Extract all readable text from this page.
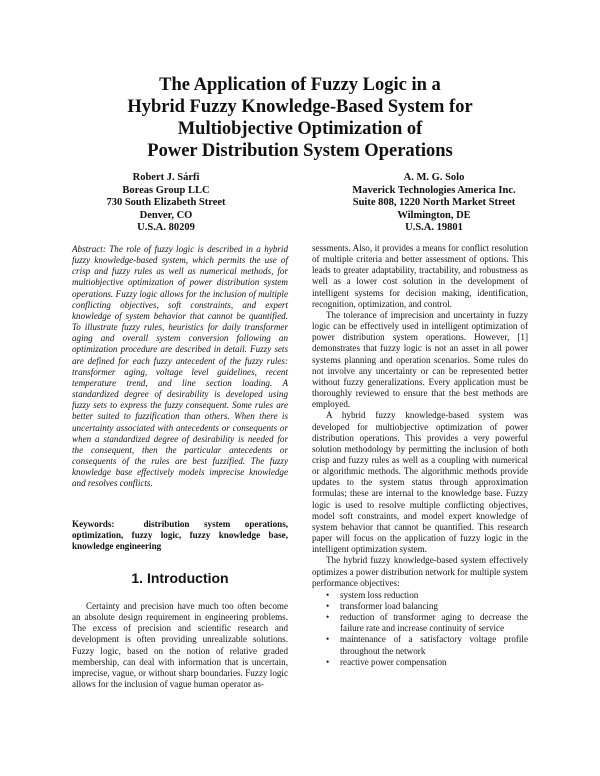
The Application of Fuzzy Logic in a
Hybrid Fuzzy Knowledge-Based System for
Multiobjective Optimization of
Power Distribution System Operations
Robert J. Sárfi
Boreas Group LLC
730 South Elizabeth Street
Denver, CO
U.S.A. 80209
A. M. G. Solo
Maverick Technologies America Inc.
Suite 808, 1220 North Market Street
Wilmington, DE
U.S.A. 19801
Abstract: The role of fuzzy logic is described in a hybrid fuzzy knowledge-based system, which permits the use of crisp and fuzzy rules as well as numerical methods, for multiobjective optimization of power distribution system operations. Fuzzy logic allows for the inclusion of multiple conflicting objectives, soft constraints, and expert knowledge of system behavior that cannot be quantified. To illustrate fuzzy rules, heuristics for daily transformer aging and overall system conversion following an optimization procedure are described in detail. Fuzzy sets are defined for each fuzzy antecedent of the fuzzy rules: transformer aging, voltage level guidelines, recent temperature trend, and line section loading. A standardized degree of desirability is developed using fuzzy sets to express the fuzzy consequent. Some rules are better suited to fuzzification than others. When there is uncertainty associated with antecedents or consequents or when a standardized degree of desirability is needed for the consequent, then the particular antecedents or consequents of the rules are best fuzzified. The fuzzy knowledge base effectively models imprecise knowledge and resolves conflicts.
Keywords:	distribution system operations, optimization, fuzzy logic, fuzzy knowledge base, knowledge engineering
1. Introduction

Certainty and precision have much too often become an absolute design requirement in engineering problems. The excess of precision and scientific research and development is often providing unrealizable solutions. Fuzzy logic, based on the notion of relative graded membership, can deal with information that is uncertain, imprecise, vague, or without sharp boundaries. Fuzzy logic allows for the inclusion of vague human operator as-

sessments. Also, it provides a means for conflict resolution of multiple criteria and better assessment of options. This leads to greater adaptability, tractability, and robustness as well as a lower cost solution in the development of intelligent systems for decision making, identification, recognition, optimization, and control.

The tolerance of imprecision and uncertainty in fuzzy logic can be effectively used in intelligent optimization of power distribution system operations. However, [1] demonstrates that fuzzy logic is not an asset in all power systems planning and operation scenarios. Some rules do not involve any uncertainty or can be represented better without fuzzy generalizations. Every application must be thoroughly reviewed to ensure that the best methods are employed.

A hybrid fuzzy knowledge-based system was developed for multiobjective optimization of power distribution operations. This provides a very powerful solution methodology by permitting the inclusion of both crisp and fuzzy rules as well as a coupling with numerical or algorithmic methods. The algorithmic methods provide updates to the system status through approximation formulas; these are internal to the knowledge base. Fuzzy logic is used to resolve multiple conflicting objectives, model soft constraints, and model expert knowledge of system behavior that cannot be quantified. This research paper will focus on the application of fuzzy logic in the intelligent optimization system.

The hybrid fuzzy knowledge-based system effectively optimizes a power distribution network for multiple system performance objectives:

• system loss reduction
• transformer load balancing
• reduction of transformer aging to decrease the failure rate and increase continuity of service
• maintenance of a satisfactory voltage profile throughout the network
• reactive power compensation
